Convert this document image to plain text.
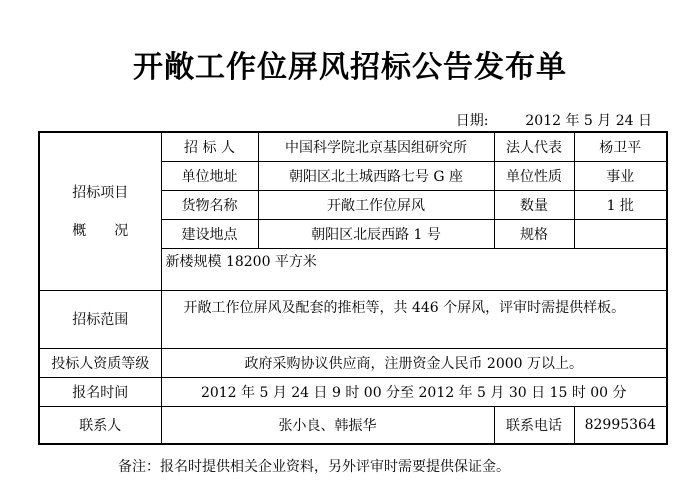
开敞工作位屏风招标公告发布单
日期:	2012 年 5 月 24 日
招标项目
概　　况	招 标 人	中国科学院北京基因组研究所	法人代表	杨卫平
	单位地址	朝阳区北土城西路七号 G 座	单位性质	事业
	货物名称	开敞工作位屏风	数量	1 批
	建设地点	朝阳区北辰西路 1 号	规格	
	新楼规模 18200 平方米			
招标范围	开敞工作位屏风及配套的推柜等，共 446 个屏风，评审时需提供样板。			
投标人资质等级	政府采购协议供应商，注册资金人民币 2000 万以上。			
报名时间	2012 年 5 月 24 日 9 时 00 分至 2012 年 5 月 30 日 15 时 00 分			
联系人	张小良、韩振华		联系电话	82995364
备注：报名时提供相关企业资料，另外评审时需要提供保证金。
